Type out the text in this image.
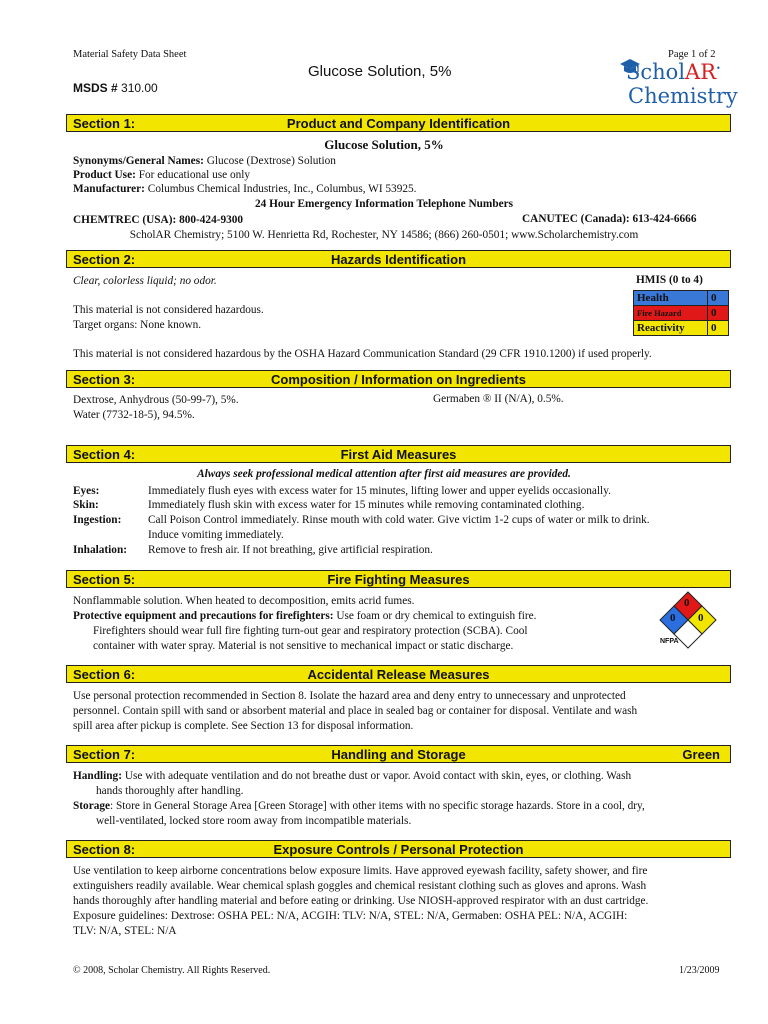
Material Safety Data Sheet	Page 1 of 2
Glucose Solution, 5%
MSDS # 310.00
ScholAR•
Chemistry
Section 1:	Product and Company Identification
Glucose Solution, 5%
Synonyms/General Names: Glucose (Dextrose) Solution
Product Use: For educational use only
Manufacturer: Columbus Chemical Industries, Inc., Columbus, WI 53925.
24 Hour Emergency Information Telephone Numbers
CHEMTREC (USA): 800-424-9300	CANUTEC (Canada): 613-424-6666
ScholAR Chemistry; 5100 W. Henrietta Rd, Rochester, NY 14586; (866) 260-0501; www.Scholarchemistry.com
Section 2:	Hazards Identification
Clear, colorless liquid; no odor.
This material is not considered hazardous.
Target organs: None known.
This material is not considered hazardous by the OSHA Hazard Communication Standard (29 CFR 1910.1200) if used properly.
HMIS (0 to 4)
Health	0
Fire Hazard	0
Reactivity	0
Section 3:	Composition / Information on Ingredients
Dextrose, Anhydrous (50-99-7), 5%.
Water (7732-18-5), 94.5%.
Germaben ® II (N/A), 0.5%.
Section 4:	First Aid Measures
Always seek professional medical attention after first aid measures are provided.
Eyes:	Immediately flush eyes with excess water for 15 minutes, lifting lower and upper eyelids occasionally.
Skin:	Immediately flush skin with excess water for 15 minutes while removing contaminated clothing.
Ingestion: Call Poison Control immediately. Rinse mouth with cold water. Give victim 1-2 cups of water or milk to drink.
Induce vomiting immediately.
Inhalation: Remove to fresh air. If not breathing, give artificial respiration.
Section 5:	Fire Fighting Measures
Nonflammable solution. When heated to decomposition, emits acrid fumes.
Protective equipment and precautions for firefighters: Use foam or dry chemical to extinguish fire.
Firefighters should wear full fire fighting turn-out gear and respiratory protection (SCBA). Cool
container with water spray. Material is not sensitive to mechanical impact or static discharge.
0
0 0
NFPA
Section 6:	Accidental Release Measures
Use personal protection recommended in Section 8. Isolate the hazard area and deny entry to unnecessary and unprotected
personnel. Contain spill with sand or absorbent material and place in sealed bag or container for disposal. Ventilate and wash
spill area after pickup is complete. See Section 13 for disposal information.
Section 7:	Handling and Storage	Green
Handling: Use with adequate ventilation and do not breathe dust or vapor. Avoid contact with skin, eyes, or clothing. Wash
hands thoroughly after handling.
Storage: Store in General Storage Area [Green Storage] with other items with no specific storage hazards. Store in a cool, dry,
well-ventilated, locked store room away from incompatible materials.
Section 8:	Exposure Controls / Personal Protection
Use ventilation to keep airborne concentrations below exposure limits. Have approved eyewash facility, safety shower, and fire
extinguishers readily available. Wear chemical splash goggles and chemical resistant clothing such as gloves and aprons. Wash
hands thoroughly after handling material and before eating or drinking. Use NIOSH-approved respirator with an dust cartridge.
Exposure guidelines: Dextrose: OSHA PEL: N/A, ACGIH: TLV: N/A, STEL: N/A, Germaben: OSHA PEL: N/A, ACGIH:
TLV: N/A, STEL: N/A
© 2008, Scholar Chemistry. All Rights Reserved.	1/23/2009
